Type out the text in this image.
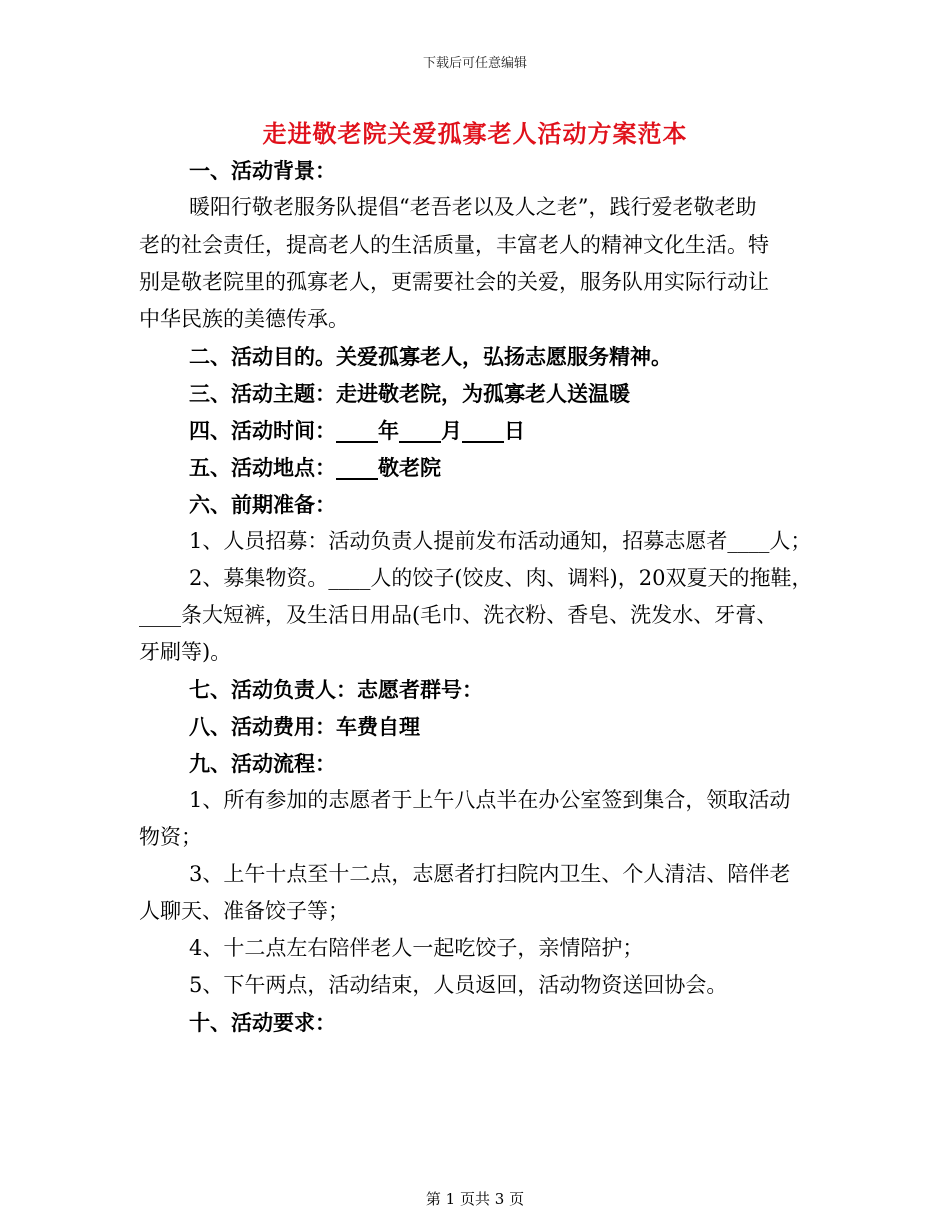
下载后可任意编辑
走进敬老院关爱孤寡老人活动方案范本
一、活动背景：
暖阳行敬老服务队提倡“老吾老以及人之老”，践行爱老敬老助
老的社会责任，提高老人的生活质量，丰富老人的精神文化生活。特
别是敬老院里的孤寡老人，更需要社会的关爱，服务队用实际行动让
中华民族的美德传承。
二、活动目的。关爱孤寡老人，弘扬志愿服务精神。
三、活动主题：走进敬老院，为孤寡老人送温暖
四、活动时间：____年____月____日
五、活动地点：____敬老院
六、前期准备：
1、人员招募：活动负责人提前发布活动通知，招募志愿者____人；
2、募集物资。____人的饺子(饺皮、肉、调料)，20双夏天的拖鞋，
____条大短裤，及生活日用品(毛巾、洗衣粉、香皂、洗发水、牙膏、
牙刷等)。
七、活动负责人：志愿者群号：
八、活动费用：车费自理
九、活动流程：
1、所有参加的志愿者于上午八点半在办公室签到集合，领取活动
物资；
3、上午十点至十二点，志愿者打扫院内卫生、个人清洁、陪伴老
人聊天、准备饺子等；
4、十二点左右陪伴老人一起吃饺子，亲情陪护；
5、下午两点，活动结束，人员返回，活动物资送回协会。
十、活动要求：
第 1 页共 3 页
